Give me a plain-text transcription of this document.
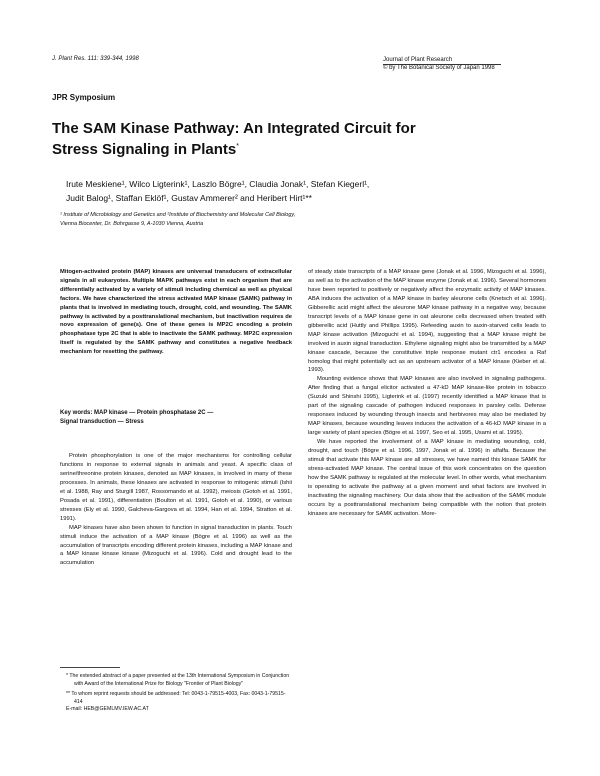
J. Plant Res. 111: 339-344, 1998	Journal of Plant Research
© by The Botanical Society of Japan 1998
JPR Symposium
The SAM Kinase Pathway: An Integrated Circuit for
Stress Signaling in Plants*
Irute Meskiene¹, Wilco Ligterink¹, Laszlo Bögre¹, Claudia Jonak¹, Stefan Kiegerl¹,
Judit Balog¹, Staffan Eklöf¹, Gustav Ammerer² and Heribert Hirt¹**
¹ Institute of Microbiology and Genetics and ²Institute of Biochemistry and Molecular Cell Biology,
Vienna Biocenter, Dr. Bohrgasse 9, A-1030 Vienna, Austria
Mitogen-activated protein (MAP) kinases are universal transducers of extracellular signals in all eukaryotes. Multiple MAPK pathways exist in each organism that are differentially activated by a variety of stimuli including chemical as well as physical factors. We have characterized the stress activated MAP kinase (SAMK) pathway in plants that is involved in mediating touch, drought, cold, and wounding. The SAMK pathway is activated by a posttranslational mechanism, but inactivation requires de novo expression of gene(s). One of these genes is MP2C encoding a protein phosphatase type 2C that is able to inactivate the SAMK pathway. MP2C expression itself is regulated by the SAMK pathway and constitutes a negative feedback mechanism for resetting the pathway.
Key words: MAP kinase — Protein phosphatase 2C —
Signal transduction — Stress

Protein phosphorylation is one of the major mechanisms for controlling cellular functions in response to external signals in animals and yeast. A specific class of serine/threonine protein kinases, denoted as MAP kinases, is involved in many of these processes. In animals, these kinases are activated in response to mitogenic stimuli (Ishii et al. 1988, Ray and Sturgill 1987, Rossomando et al. 1992), meiosis (Gotoh et al. 1991, Posada et al. 1991), differentiation (Boulton et al. 1991, Gotoh et al. 1990), or various stresses (Ely et al. 1990, Galcheva-Gargova et al. 1994, Han et al. 1994, Stratton et al. 1991).

MAP kinases have also been shown to function in signal transduction in plants. Touch stimuli induce the activation of a MAP kinase (Bögre et al. 1996) as well as the accumulation of transcripts encoding different protein kinases, including a MAP kinase and a MAP kinase kinase kinase (Mizoguchi et al. 1996). Cold and drought lead to the accumulation

* The extended abstract of a paper presented at the 13th International Symposium in Conjunction with Award of the International Prize for Biology "Frontier of Plant Biology"
** To whom reprint requests should be addressed: Tel: 0043-1-79515-4003, Fax: 0043-1-79515-414
E-mail: HEB@GEMLMV.IEW.AC.AT

of steady state transcripts of a MAP kinase gene (Jonak et al. 1996, Mizoguchi et al. 1996), as well as to the activation of the MAP kinase enzyme (Jonak et al. 1996). Several hormones have been reported to positively or negatively affect the enzymatic activity of MAP kinases. ABA induces the activation of a MAP kinase in barley aleurone cells (Knetsch et al. 1996). Gibberellic acid might affect the aleurone MAP kinase pathway in a negative way, because transcript levels of a MAP kinase gene in oat aleurone cells decreased when treated with gibberellic acid (Huttly and Phillips 1995). Refeeding auxin to auxin-starved cells leads to MAP kinase activation (Mizoguchi et al. 1994), suggesting that a MAP kinase might be involved in auxin signal transduction. Ethylene signaling might also be transmitted by a MAP kinase cascade, because the constitutive triple response mutant ctr1 encodes a Raf homolog that might potentially act as an upstream activator of a MAP kinase (Kieber et al. 1993).

Mounting evidence shows that MAP kinases are also involved in signaling pathogens. After finding that a fungal elicitor activated a 47-kD MAP kinase-like protein in tobacco (Suzuki and Shinshi 1995), Ligterink et al. (1997) recently identified a MAP kinase that is part of the signaling cascade of pathogen induced responses in parsley cells. Defense responses induced by wounding through insects and herbivores may also be mediated by MAP kinases, because wounding leaves induces the activation of a 46-kD MAP kinase in a large variety of plant species (Bögre et al. 1997, Seo et al. 1995, Usami et al. 1995).

We have reported the involvement of a MAP kinase in mediating wounding, cold, drought, and touch (Bögre et al. 1996, 1997, Jonak et al. 1996) in alfalfa. Because the stimuli that activate this MAP kinase are all stresses, we have named this kinase SAMK for stress-activated MAP kinase. The central issue of this work concentrates on the question how the SAMK pathway is regulated at the molecular level. In other words, what mechanism is operating to activate the pathway at a given moment and what factors are involved in inactivating the signaling machinery. Our data show that the activation of the SAMK module occurs by a posttranslational mechanism being compatible with the notion that protein kinases are necessary for SAMK activation. More-
